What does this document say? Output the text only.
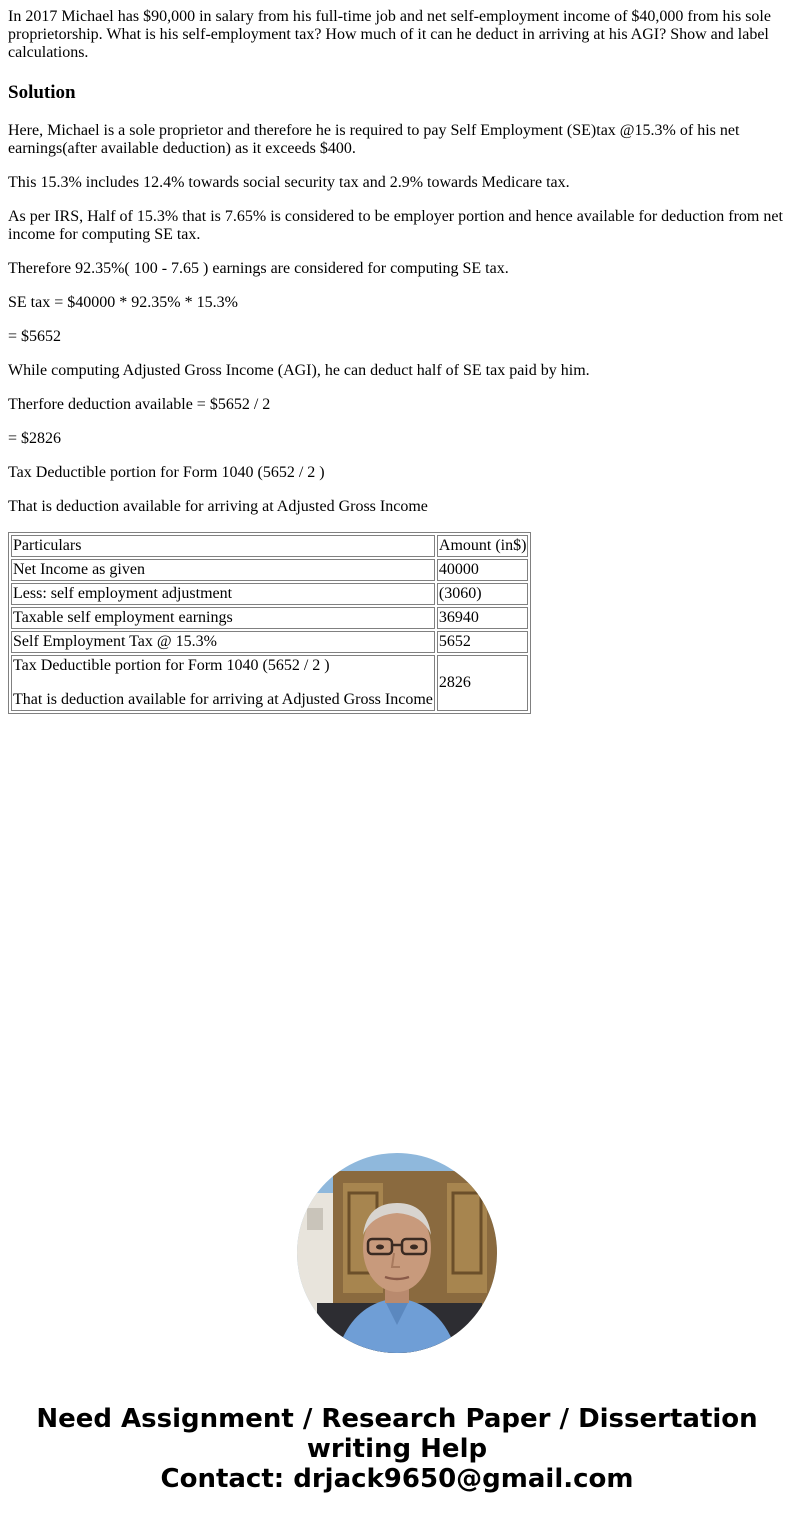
In 2017 Michael has $90,000 in salary from his full-time job and net self-employment income of $40,000 from his sole proprietorship. What is his self-employment tax? How much of it can he deduct in arriving at his AGI? Show and label calculations.

Solution

Here, Michael is a sole proprietor and therefore he is required to pay Self Employment (SE)tax @15.3% of his net earnings(after available deduction) as it exceeds $400.

This 15.3% includes 12.4% towards social security tax and 2.9% towards Medicare tax.

As per IRS, Half of 15.3% that is 7.65% is considered to be employer portion and hence available for deduction from net income for computing SE tax.

Therefore 92.35%( 100 - 7.65 ) earnings are considered for computing SE tax.

SE tax = $40000 * 92.35% * 15.3%

= $5652

While computing Adjusted Gross Income (AGI), he can deduct half of SE tax paid by him.

Therfore deduction available = $5652 / 2

= $2826

Tax Deductible portion for Form 1040 (5652 / 2 )

That is deduction available for arriving at Adjusted Gross Income

Particulars	Amount (in$)
Net Income as given	40000
Less: self employment adjustment	(3060)
Taxable self employment earnings	36940
Self Employment Tax @ 15.3%	5652

Tax Deductible portion for Form 1040 (5652 / 2 )

That is deduction available for arriving at Adjusted Gross Income	2826
Need Assignment / Research Paper / Dissertation
writing Help
Contact: drjack9650@gmail.com
